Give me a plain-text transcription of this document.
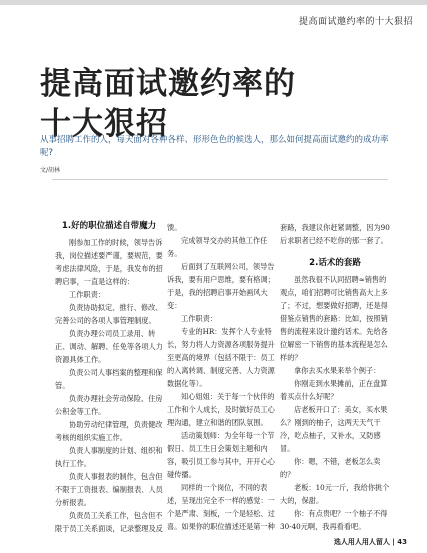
提高面试邀约率的十大狠招
提高面试邀约率的
十大狠招

从事招聘工作的人，每天面对各种各样、形形色色的候选人，那么如何提高面试邀约的成功率呢?

文/胡林

1.好的职位描述自带魔力

刚参加工作的时候，领导告诉我，岗位描述要严谨，要规范，要考虑法律风险，于是，我发布的招聘启事，一直是这样的：

工作职责：

负责协助拟定、推行、修改、完善公司的各项人事管理制度。

负责办理公司员工录用、转正、调动、解聘、任免等各项人力资源具体工作。

负责公司人事档案的整理和保管。

负责办理社会劳动保险、住房公积金等工作。

协助劳动纪律管理，负责健改考核的组织实施工作。

负责人事制度的计划、组织和执行工作。

负责人事报表的制作，包含但不限于工资报表、编制报表、人员分析报表。

负责员工关系工作，包含但不限于员工关系面谈，记录整理及反

馈。

完成领导交办的其他工作任务。

后面到了互联网公司，领导告诉我，要有用户思维，要有格调；于是，我的招聘启事开始画风大变：

工作职责：

专业的HR：发挥个人专业特长，努力将人力资源各项服务提升至更高的境界（包括不限于：员工的入离转调、制度完善、人力资源数据化等）。

知心姐姐：关于每一个伙伴的工作和个人成长，及时做好员工心理沟通，建立和谐的团队氛围。

活动策划师：为全年每一个节假日、员工生日会策划主题和内容，吸引员工参与其中，开开心心碰传播。

同样的一个岗位，不同的表述，呈现出完全不一样的感觉：一个是严肃、刻板，一个是轻松、过喜。如果你的职位描述还是第一种

套路，我建议你赶紧调整，因为90后求职者已经不吃你的那一套了。

2.话术的套路

虽然我很不认同招聘≈销售的观点，咱们招聘可比销售高大上多了；不过，想要做好招聘，还是得借鉴点销售的套路：比如，按照销售的流程来设计邀约话术。先给各位解密一下销售的基本流程是怎么样的？

拿你去买水果来举个例子：

你刚走到水果摊前，正在盘算着买点什么好呢？

店老板开口了：美女，买水果么？刚到的柚子，这两天天气干冷，吃点柚子，又补水，又防感冒。

你：嗯，不错，老板怎么卖的？

老板：10元一斤，我给你挑个大的，保甜。

你：有点贵吧？一个柚子不得30-40元啊，我再看看吧。

选人用人用人留人 | 43
